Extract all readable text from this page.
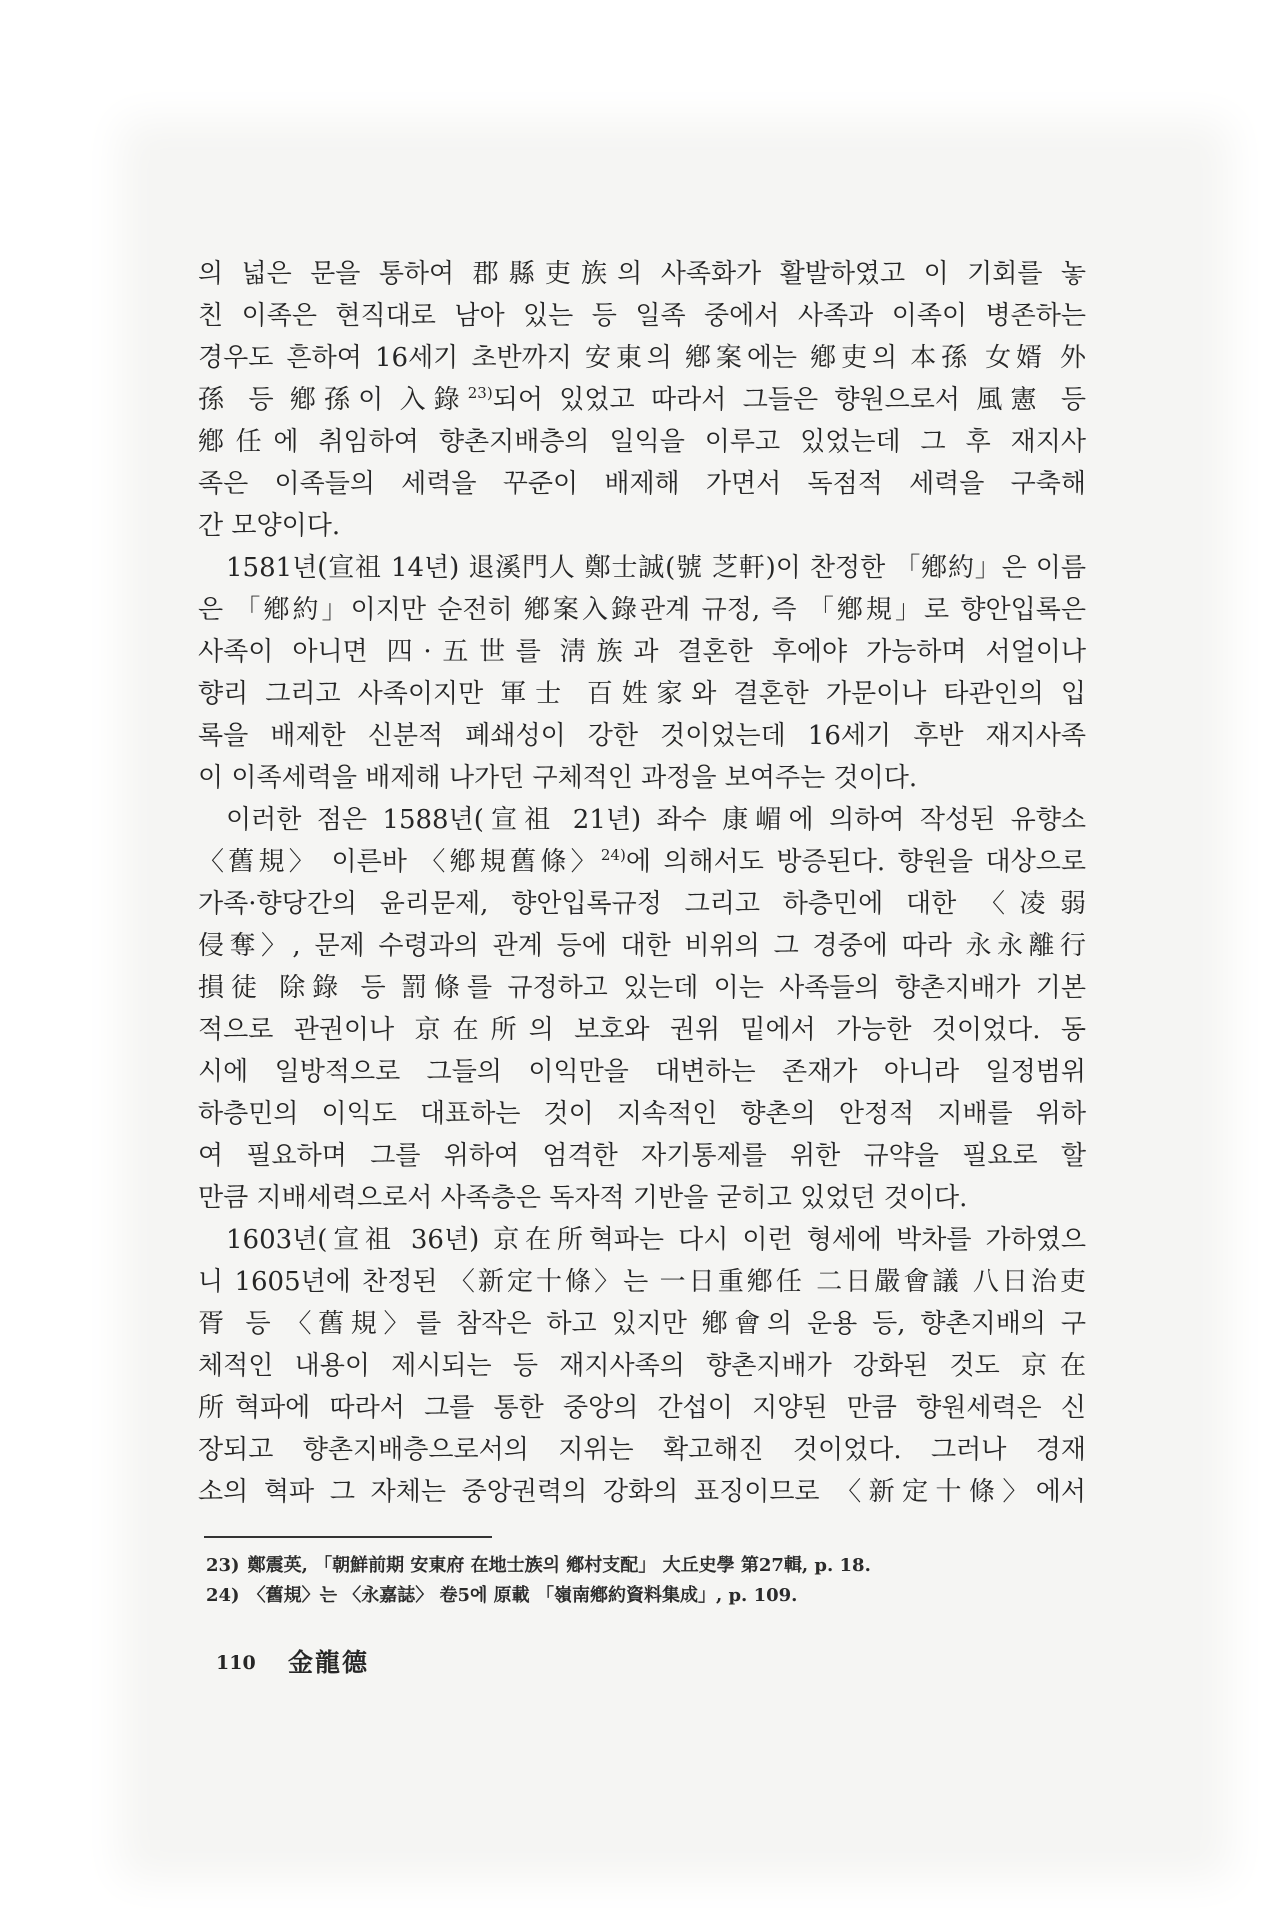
의 넓은 문을 통하여 郡縣吏族의 사족화가 활발하였고 이 기회를 놓
친 이족은 현직대로 남아 있는 등 일족 중에서 사족과 이족이 병존하는
경우도 흔하여 16세기 초반까지 安東의 鄕案에는 鄕吏의 本孫 女婿 外
孫 등 鄕孫이 入錄$^{23)}$되어 있었고 따라서 그들은 향원으로서 風憲 등
鄕任에 취임하여 향촌지배층의 일익을 이루고 있었는데 그 후 재지사
족은 이족들의 세력을 꾸준이 배제해 가면서 독점적 세력을 구축해
간 모양이다.
1581년(宣祖 14년) 退溪門人 鄭士誠(號 芝軒)이 찬정한 「鄕約」은 이름
은 「鄕約」이지만 순전히 鄕案入錄관계 규정, 즉 「鄕規」로 향안입록은
사족이 아니면 四·五世를 淸族과 결혼한 후에야 가능하며 서얼이나
향리 그리고 사족이지만 軍士 百姓家와 결혼한 가문이나 타관인의 입
록을 배제한 신분적 폐쇄성이 강한 것이었는데 16세기 후반 재지사족
이 이족세력을 배제해 나가던 구체적인 과정을 보여주는 것이다.
이러한 점은 1588년(宣祖 21년) 좌수 康嵋에 의하여 작성된 유향소
〈舊規〉 이른바 〈鄕規舊條〉$^{24)}$에 의해서도 방증된다. 향원을 대상으로
가족·향당간의 윤리문제, 향안입록규정 그리고 하층민에 대한 〈凌弱
侵奪〉, 문제 수령과의 관계 등에 대한 비위의 그 경중에 따라 永永離行
損徒 除錄 등 罰條를 규정하고 있는데 이는 사족들의 향촌지배가 기본
적으로 관권이나 京在所의 보호와 권위 밑에서 가능한 것이었다. 동
시에 일방적으로 그들의 이익만을 대변하는 존재가 아니라 일정범위
하층민의 이익도 대표하는 것이 지속적인 향촌의 안정적 지배를 위하
여 필요하며 그를 위하여 엄격한 자기통제를 위한 규약을 필요로 할
만큼 지배세력으로서 사족층은 독자적 기반을 굳히고 있었던 것이다.
1603년(宣祖 36년) 京在所혁파는 다시 이런 형세에 박차를 가하였으
니 1605년에 찬정된 〈新定十條〉는 一日重鄕任 二日嚴會議 八日治吏
胥 등 〈舊規〉를 참작은 하고 있지만 鄕會의 운용 등, 향촌지배의 구
체적인 내용이 제시되는 등 재지사족의 향촌지배가 강화된 것도 京在
所혁파에 따라서 그를 통한 중앙의 간섭이 지양된 만큼 향원세력은 신
장되고 향촌지배층으로서의 지위는 확고해진 것이었다. 그러나 경재
소의 혁파 그 자체는 중앙권력의 강화의 표징이므로 〈新定十條〉에서
23) 鄭震英, 「朝鮮前期 安東府 在地士族의 鄕村支配」 大丘史學 第27輯, p. 18.
24) 〈舊規〉는 〈永嘉誌〉 卷5에 原載 「嶺南鄕約資料集成」, p. 109.
110 金龍德
